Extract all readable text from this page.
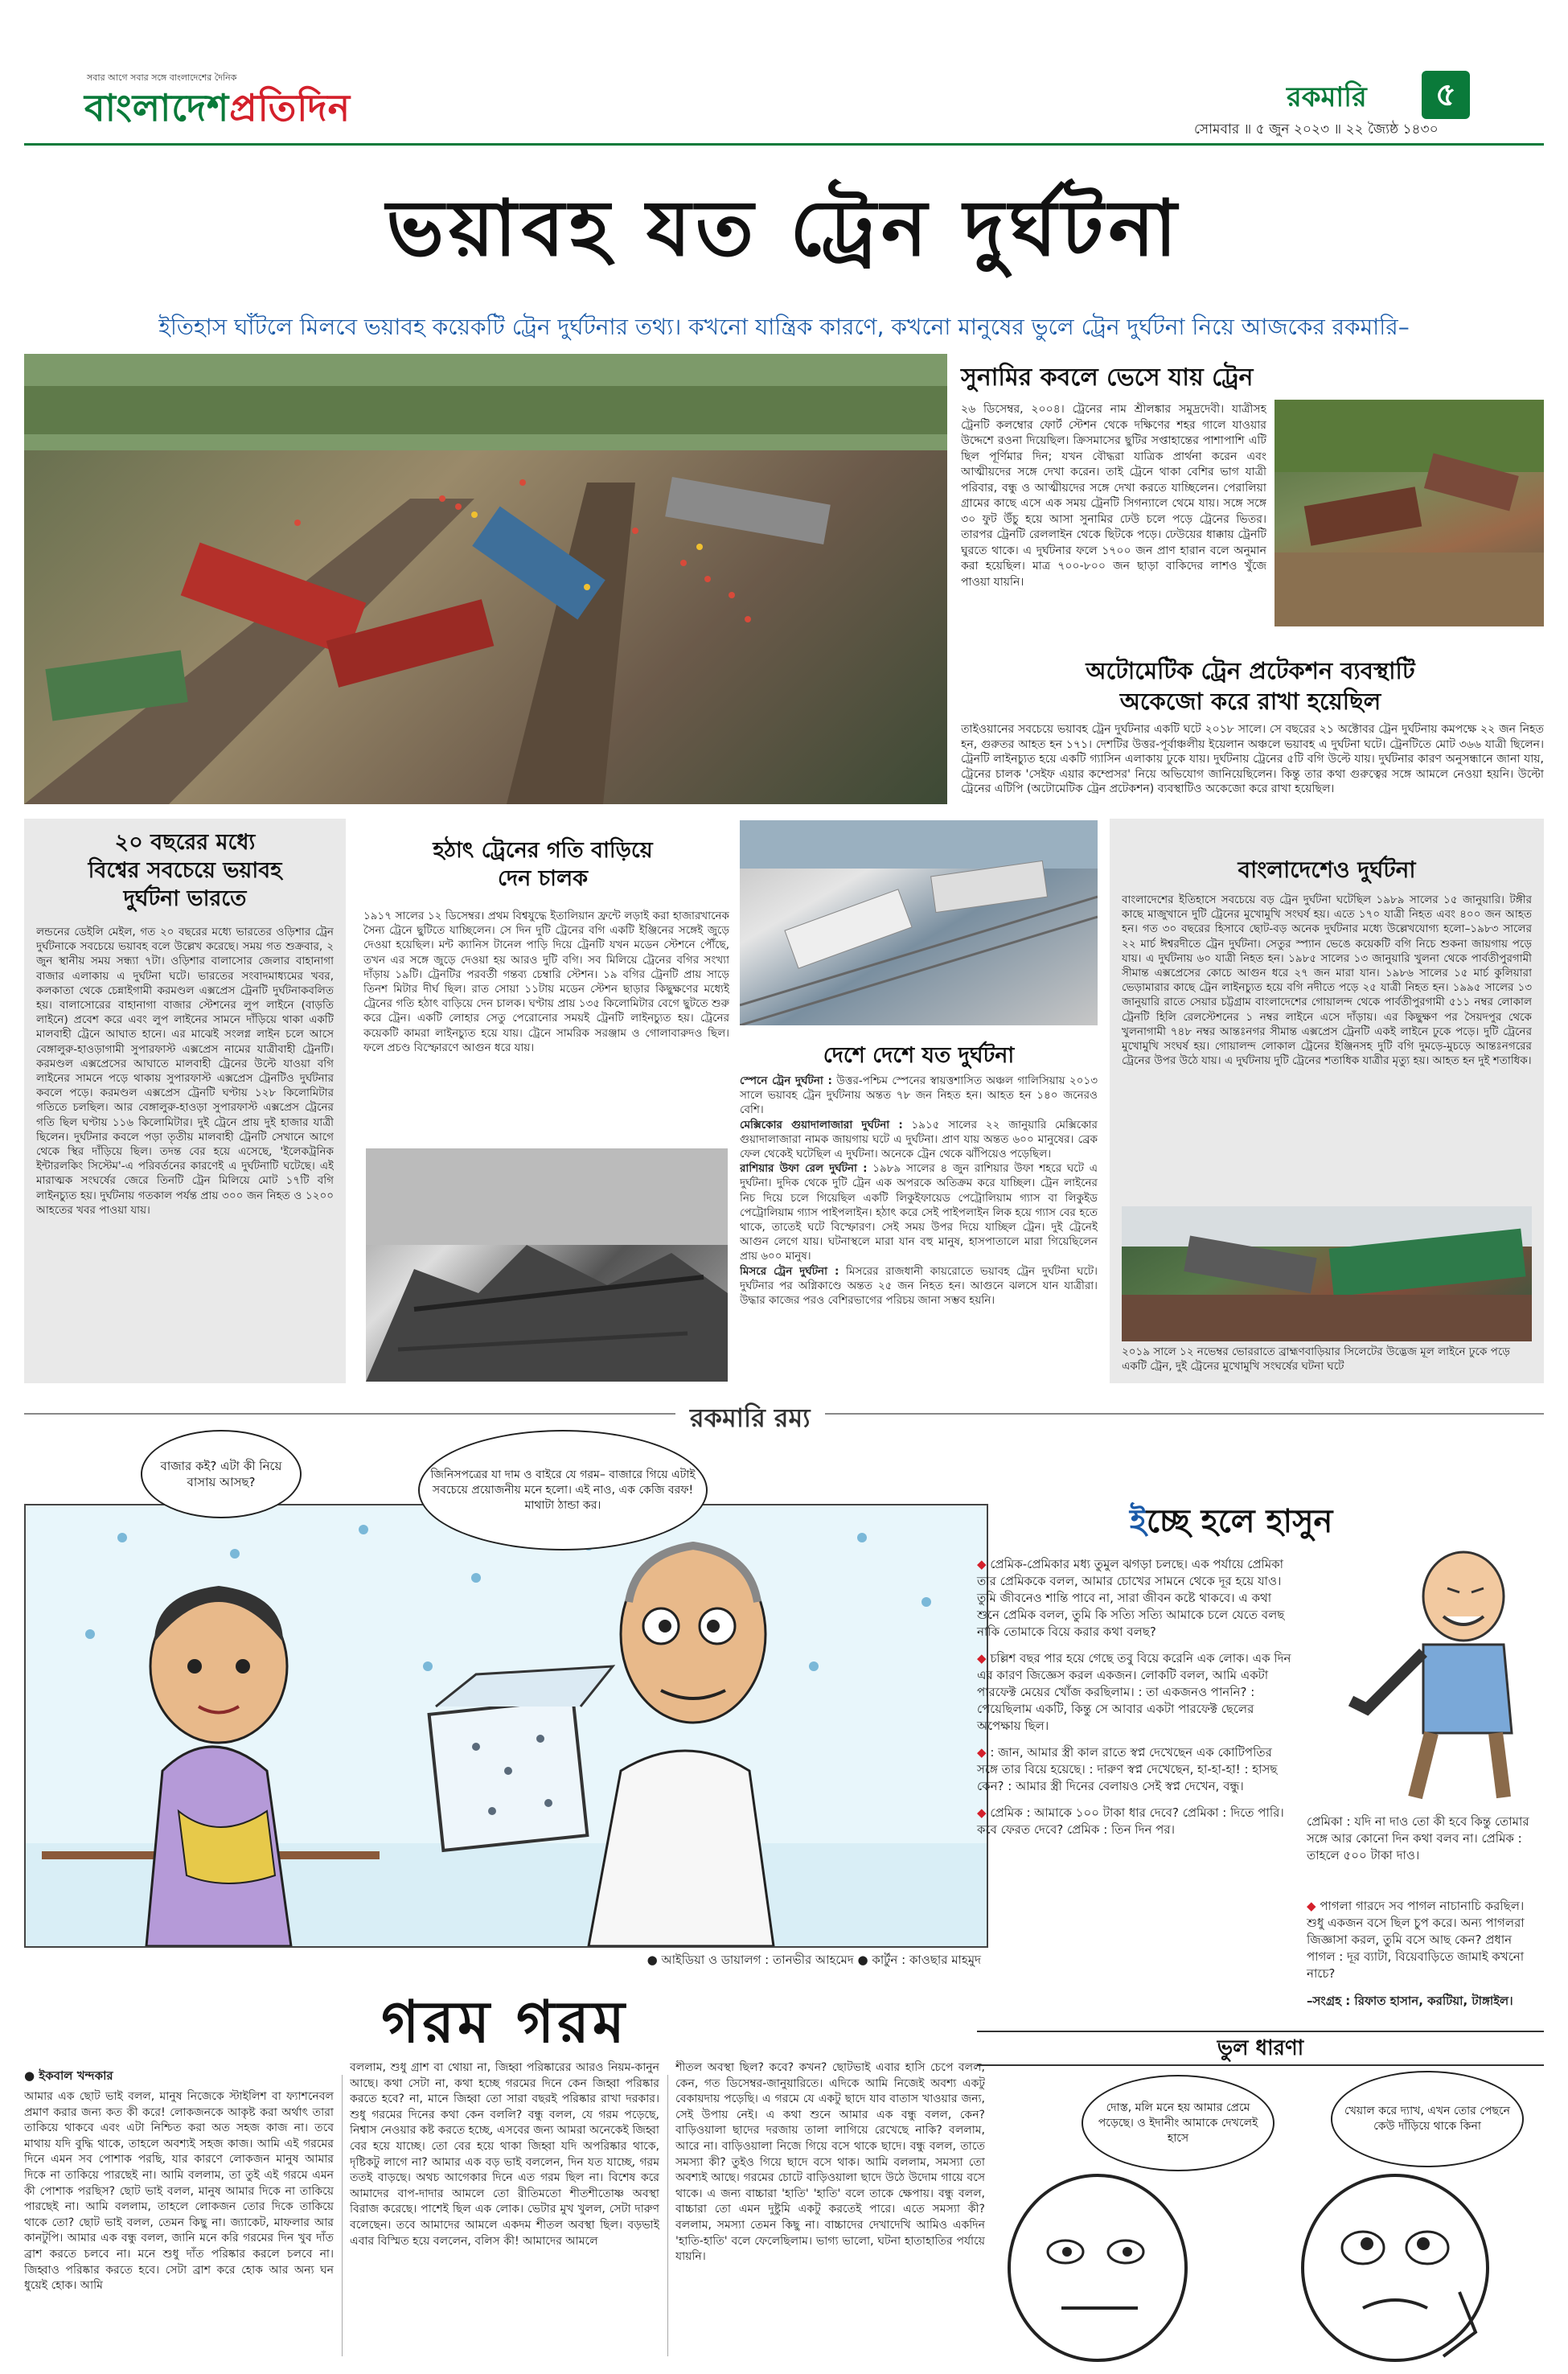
সবার আগে সবার সঙ্গে বাংলাদেশের দৈনিক
বাংলাদেশপ্রতিদিন	রকমারি	৫
সোমবার ॥ ৫ জুন ২০২৩ ॥ ২২ জ্যৈষ্ঠ ১৪৩০
ভয়াবহ যত ট্রেন দুর্ঘটনা
ইতিহাস ঘাঁটলে মিলবে ভয়াবহ কয়েকটি ট্রেন দুর্ঘটনার তথ্য। কখনো যান্ত্রিক কারণে, কখনো মানুষের ভুলে ট্রেন দুর্ঘটনা নিয়ে আজকের রকমারি–
সুনামির কবলে ভেসে যায় ট্রেন
২৬ ডিসেম্বর, ২০০৪। ট্রেনের নাম শ্রীলঙ্কার সমুদ্রদেবী। যাত্রীসহ ট্রেনটি কলম্বোর ফোর্ট স্টেশন থেকে দক্ষিণের শহর গালে যাওয়ার উদ্দেশে রওনা দিয়েছিল। ক্রিসমাসের ছুটির সপ্তাহান্তের পাশাপাশি এটি ছিল পূর্ণিমার দিন; যখন বৌদ্ধরা যাত্রিক প্রার্থনা করেন এবং আত্মীয়দের সঙ্গে দেখা করেন। তাই ট্রেনে থাকা বেশির ভাগ যাত্রী পরিবার, বন্ধু ও আত্মীয়দের সঙ্গে দেখা করতে যাচ্ছিলেন। পেরালিয়া গ্রামের কাছে এসে এক সময় ট্রেনটি সিগন্যালে থেমে যায়। সঙ্গে সঙ্গে ৩০ ফুট উঁচু হয়ে আসা সুনামির ঢেউ চলে পড়ে ট্রেনের ভিতর। তারপর ট্রেনটি রেললাইন থেকে ছিটকে পড়ে। ঢেউয়ের ধাক্কায় ট্রেনটি ঘুরতে থাকে। এ দুর্ঘটনার ফলে ১৭০০ জন প্রাণ হারান বলে অনুমান করা হয়েছিল। মাত্র ৭০০-৮০০ জন ছাড়া বাকিদের লাশও খুঁজে পাওয়া যায়নি।
অটোমেটিক ট্রেন প্রটেকশন ব্যবস্থাটি
অকেজো করে রাখা হয়েছিল
তাইওয়ানের সবচেয়ে ভয়াবহ ট্রেন দুর্ঘটনার একটি ঘটে ২০১৮ সালে। সে বছরের ২১ অক্টোবর ট্রেন দুর্ঘটনায় কমপক্ষে ২২ জন নিহত হন, গুরুতর আহত হন ১৭১। দেশটির উত্তর-পূর্বাঞ্চলীয় ইয়েলান অঞ্চলে ভয়াবহ এ দুর্ঘটনা ঘটে। ট্রেনটিতে মোট ৩৬৬ যাত্রী ছিলেন। ট্রেনটি লাইনচ্যুত হয়ে একটি গ্যাসিন এলাকায় ঢুকে যায়। দুর্ঘটনায় ট্রেনের ৫টি বগি উল্টে যায়। দুর্ঘটনার কারণ অনুসন্ধানে জানা যায়, ট্রেনের চালক 'সেইফ এয়ার কম্প্রেসর' নিয়ে অভিযোগ জানিয়েছিলেন। কিন্তু তার কথা গুরুত্বের সঙ্গে আমলে নেওয়া হয়নি। উল্টো ট্রেনের এটিপি (অটোমেটিক ট্রেন প্রটেকশন) ব্যবস্থাটিও অকেজো করে রাখা হয়েছিল।
২০ বছরের মধ্যে
বিশ্বের সবচেয়ে ভয়াবহ
দুর্ঘটনা ভারতে
লন্ডনের ডেইলি মেইল, গত ২০ বছরের মধ্যে ভারতের ওড়িশার ট্রেন দুর্ঘটনাকে সবচেয়ে ভয়াবহ বলে উল্লেখ করেছে। সময় গত শুক্রবার, ২ জুন স্থানীয় সময় সন্ধ্যা ৭টা। ওড়িশার বালাসোর জেলার বাহানাগা বাজার এলাকায় এ দুর্ঘটনা ঘটে। ভারতের সংবাদমাধ্যমের খবর, কলকাতা থেকে চেন্নাইগামী করমণ্ডল এক্সপ্রেস ট্রেনটি দুর্ঘটনাকবলিত হয়। বালাসোরের বাহানাগা বাজার স্টেশনের লুপ লাইনে (বাড়তি লাইনে) প্রবেশ করে এবং লুপ লাইনের সামনে দাঁড়িয়ে থাকা একটি মালবাহী ট্রেনে আঘাত হানে। এর মাঝেই সংলগ্ন লাইন চলে আসে বেঙ্গালুরু-হাওড়াগামী সুপারফাস্ট এক্সপ্রেস নামের যাত্রীবাহী ট্রেনটি। করমণ্ডল এক্সপ্রেসের আঘাতে মালবাহী ট্রেনের উল্টে যাওয়া বগি লাইনের সামনে পড়ে থাকায় সুপারফাস্ট এক্সপ্রেস ট্রেনটিও দুর্ঘটনার কবলে পড়ে। করমণ্ডল এক্সপ্রেস ট্রেনটি ঘণ্টায় ১২৮ কিলোমিটার গতিতে চলছিল। আর বেঙ্গালুরু-হাওড়া সুপারফাস্ট এক্সপ্রেস ট্রেনের গতি ছিল ঘণ্টায় ১১৬ কিলোমিটার। দুই ট্রেনে প্রায় দুই হাজার যাত্রী ছিলেন। দুর্ঘটনার কবলে পড়া তৃতীয় মালবাহী ট্রেনটি সেখানে আগে থেকে স্থির দাঁড়িয়ে ছিল। তদন্ত বের হয়ে এসেছে, 'ইলেকট্রনিক ইন্টারলকিং সিস্টেম'-এ পরিবর্তনের কারণেই এ দুর্ঘটনাটি ঘটেছে। এই মারাত্মক সংঘর্ষের জেরে তিনটি ট্রেন মিলিয়ে মোট ১৭টি বগি লাইনচ্যুত হয়। দুর্ঘটনায় গতকাল পর্যন্ত প্রায় ৩০০ জন নিহত ও ১২০০ আহতের খবর পাওয়া যায়।
হঠাৎ ট্রেনের গতি বাড়িয়ে
দেন চালক
১৯১৭ সালের ১২ ডিসেম্বর। প্রথম বিশ্বযুদ্ধে ইতালিয়ান ফ্রন্টে লড়াই করা হাজারখানেক সৈন্য ট্রেনে ছুটিতে যাচ্ছিলেন। সে দিন দুটি ট্রেনের বগি একটি ইঞ্জিনের সঙ্গেই জুড়ে দেওয়া হয়েছিল। মন্ট ক্যানিস টানেল পাড়ি দিয়ে ট্রেনটি যখন মডেন স্টেশনে পৌঁছে, তখন এর সঙ্গে জুড়ে দেওয়া হয় আরও দুটি বগি। সব মিলিয়ে ট্রেনের বগির সংখ্যা দাঁড়ায় ১৯টি। ট্রেনটির পরবর্তী গন্তব্য চেম্বারি স্টেশন। ১৯ বগির ট্রেনটি প্রায় সাড়ে তিনশ মিটার দীর্ঘ ছিল। রাত সোয়া ১১টায় মডেন স্টেশন ছাড়ার কিছুক্ষণের মধ্যেই ট্রেনের গতি হঠাৎ বাড়িয়ে দেন চালক। ঘণ্টায় প্রায় ১৩৫ কিলোমিটার বেগে ছুটতে শুরু করে ট্রেন। একটি লোহার সেতু পেরোনোর সময়ই ট্রেনটি লাইনচ্যুত হয়। ট্রেনের কয়েকটি কামরা লাইনচ্যুত হয়ে যায়। ট্রেনে সামরিক সরঞ্জাম ও গোলাবারুদও ছিল। ফলে প্রচণ্ড বিস্ফোরণে আগুন ধরে যায়।	দেশে দেশে যত দুর্ঘটনা

স্পেনে ট্রেন দুর্ঘটনা : উত্তর-পশ্চিম স্পেনের স্বায়ত্তশাসিত অঞ্চল গালিসিয়ায় ২০১৩ সালে ভয়াবহ ট্রেন দুর্ঘটনায় অন্তত ৭৮ জন নিহত হন। আহত হন ১৪০ জনেরও বেশি।

মেক্সিকোর গুয়াদালাজারা দুর্ঘটনা : ১৯১৫ সালের ২২ জানুয়ারি মেক্সিকোর গুয়াদালাজারা নামক জায়গায় ঘটে এ দুর্ঘটনা। প্রাণ যায় অন্তত ৬০০ মানুষের। ব্রেক ফেল থেকেই ঘটেছিল এ দুর্ঘটনা। অনেকে ট্রেন থেকে ঝাঁপিয়েও পড়েছিল।

রাশিয়ার উফা রেল দুর্ঘটনা : ১৯৮৯ সালের ৪ জুন রাশিয়ার উফা শহরে ঘটে এ দুর্ঘটনা। দুদিক থেকে দুটি ট্রেন এক অপরকে অতিক্রম করে যাচ্ছিল। ট্রেন লাইনের নিচ দিয়ে চলে গিয়েছিল একটি লিকুইফায়েড পেট্রোলিয়াম গ্যাস বা লিকুইড পেট্রোলিয়াম গ্যাস পাইপলাইন। হঠাৎ করে সেই পাইপলাইন লিক হয়ে গ্যাস বের হতে থাকে, তাতেই ঘটে বিস্ফোরণ। সেই সময় উপর দিয়ে যাচ্ছিল ট্রেন। দুই ট্রেনেই আগুন লেগে যায়। ঘটনাস্থলে মারা যান বহু মানুষ, হাসপাতালে মারা গিয়েছিলেন প্রায় ৬০০ মানুষ।

মিসরে ট্রেন দুর্ঘটনা : মিসরের রাজধানী কায়রোতে ভয়াবহ ট্রেন দুর্ঘটনা ঘটে। দুর্ঘটনার পর অগ্নিকাণ্ডে অন্তত ২৫ জন নিহত হন। আগুনে ঝলসে যান যাত্রীরা। উদ্ধার কাজের পরও বেশিরভাগের পরিচয় জানা সম্ভব হয়নি।

বাংলাদেশেও দুর্ঘটনা
বাংলাদেশের ইতিহাসে সবচেয়ে বড় ট্রেন দুর্ঘটনা ঘটেছিল ১৯৮৯ সালের ১৫ জানুয়ারি। টঙ্গীর কাছে মাজুখানে দুটি ট্রেনের মুখোমুখি সংঘর্ষ হয়। এতে ১৭০ যাত্রী নিহত এবং ৪০০ জন আহত হন। গত ৩০ বছরের হিসাবে ছোট-বড় অনেক দুর্ঘটনার মধ্যে উল্লেখযোগ্য হলো–১৯৮৩ সালের ২২ মার্চ ঈশ্বরদীতে ট্রেন দুর্ঘটনা। সেতুর স্প্যান ভেঙে কয়েকটি বগি নিচে শুকনা জায়গায় পড়ে যায়। এ দুর্ঘটনায় ৬০ যাত্রী নিহত হন। ১৯৮৫ সালের ১৩ জানুয়ারি খুলনা থেকে পার্বতীপুরগামী সীমান্ত এক্সপ্রেসের কোচে আগুন ধরে ২৭ জন মারা যান। ১৯৮৬ সালের ১৫ মার্চ কুলিয়ারা ভেড়ামারার কাছে ট্রেন লাইনচ্যুত হয়ে বগি নদীতে পড়ে ২৫ যাত্রী নিহত হন। ১৯৯৫ সালের ১৩ জানুয়ারি রাতে সেয়ার চট্টগ্রাম বাংলাদেশের গোয়ালন্দ থেকে পার্বতীপুরগামী ৫১১ নম্বর লোকাল ট্রেনটি হিলি রেলস্টেশনের ১ নম্বর লাইনে এসে দাঁড়ায়। এর কিছুক্ষণ পর সৈয়দপুর থেকে খুলনাগামী ৭৪৮ নম্বর আন্তঃনগর সীমান্ত এক্সপ্রেস ট্রেনটি একই লাইনে ঢুকে পড়ে। দুটি ট্রেনের মুখোমুখি সংঘর্ষ হয়। গোয়ালন্দ লোকাল ট্রেনের ইঞ্জিনসহ দুটি বগি দুমড়ে-মুচড়ে আন্তঃনগরের ট্রেনের উপর উঠে যায়। এ দুর্ঘটনায় দুটি ট্রেনের শতাধিক যাত্রীর মৃত্যু হয়। আহত হন দুই শতাধিক।
২০১৯ সালে ১২ নভেম্বর ভোররাতে ব্রাহ্মণবাড়িয়ার সিলেটের উদ্ভেজ মূল লাইনে ঢুকে পড়ে একটি ট্রেন, দুই ট্রেনের মুখোমুখি সংঘর্ষের ঘটনা ঘটে
রকমারি রম্য
বাজার কই? এটা কী নিয়ে বাসায় আসছ?
জিনিসপত্রের যা দাম ও বাইরে যে গরম– বাজারে গিয়ে এটাই সবচেয়ে প্রয়োজনীয় মনে হলো। এই নাও, এক কেজি বরফ! মাথাটা ঠান্ডা কর।
● আইডিয়া ও ডায়ালগ : তানভীর আহমেদ ● কার্টুন : কাওছার মাহমুদ
গরম গরম
● ইকবাল খন্দকার
আমার এক ছোট ভাই বলল, মানুষ নিজেকে স্টাইলিশ বা ফ্যাশনেবল প্রমাণ করার জন্য কত কী করে! লোকজনকে আকৃষ্ট করা অর্থাৎ তারা তাকিয়ে থাকবে এবং এটা নিশ্চিত করা অত সহজ কাজ না। তবে মাথায় যদি বুদ্ধি থাকে, তাহলে অবশ্যই সহজ কাজ। আমি এই গরমের দিনে এমন সব পোশাক পরছি, যার কারণে লোকজন মানুষ আমার দিকে না তাকিয়ে পারছেই না। আমি বললাম, তা তুই এই গরমে এমন কী পোশাক পরছিস? ছোট ভাই বলল, মানুষ আমার দিকে না তাকিয়ে পারছেই না। আমি বললাম, তাহলে লোকজন তোর দিকে তাকিয়ে থাকে তো? ছোট ভাই বলল, তেমন কিছু না। জ্যাকেট, মাফলার আর কানটুপি। আমার এক বন্ধু বলল, জানি মনে করি গরমের দিন খুব দাঁত ব্রাশ করতে চলবে না। মনে শুধু দাঁত পরিষ্কার করলে চলবে না। জিহ্বাও পরিষ্কার করতে হবে। সেটা ব্রাশ করে হোক আর অন্য ঘন ধুয়েই হোক। আমি
বললাম, শুধু গ্রাশ বা থোয়া না, জিহ্বা পরিষ্কারের আরও নিয়ম-কানুন আছে। কথা সেটা না, কথা হচ্ছে গরমের দিনে কেন জিহ্বা পরিষ্কার করতে হবে? না, মানে জিহ্বা তো সারা বছরই পরিষ্কার রাখা দরকার। শুধু গরমের দিনের কথা কেন বললি? বন্ধু বলল, যে গরম পড়েছে, নিশ্বাস নেওয়ার কষ্ট করতে হচ্ছে, এসবের জন্য আমরা অনেকেই জিহ্বা বের হয়ে যাচ্ছে। তো বের হয়ে থাকা জিহ্বা যদি অপরিষ্কার থাকে, দৃষ্টিকটু লাগে না? আমার এক বড় ভাই বললেন, দিন যত যাচ্ছে, গরম ততই বাড়ছে। অথচ আগেকার দিনে এত গরম ছিল না। বিশেষ করে আমাদের বাপ-দাদার আমলে তো রীতিমতো শীতশীতোষ্ণ অবস্থা বিরাজ করেছে। পাশেই ছিল এক লোক। ভেটার মুখ খুলল, সেটা দারুণ বলেছেন। তবে আমাদের আমলে একদম শীতল অবস্থা ছিল। বড়ভাই এবার বিস্মিত হয়ে বললেন, বলিস কী! আমাদের আমলে
শীতল অবস্থা ছিল? কবে? কখন? ছোটভাই এবার হাসি চেপে বলল, কেন, গত ডিসেম্বর-জানুয়ারিতে। এদিকে আমি নিজেই অবশ্য একটু বেকায়দায় পড়েছি। এ গরমে যে একটু ছাদে যাব বাতাস খাওয়ার জন্য, সেই উপায় নেই। এ কথা শুনে আমার এক বন্ধু বলল, কেন? বাড়িওয়ালা ছাদের দরজায় তালা লাগিয়ে রেখেছে নাকি? বললাম, আরে না। বাড়িওয়ালা নিজে গিয়ে বসে থাকে ছাদে। বন্ধু বলল, তাতে সমস্যা কী? তুইও গিয়ে ছাদে বসে থাক। আমি বললাম, সমস্যা তো অবশ্যই আছে। গরমের চোটে বাড়িওয়ালা ছাদে উঠে উদোম গায়ে বসে থাকে। এ জন্য বাচ্চারা 'হাতি' 'হাতি' বলে তাকে ক্ষেপায়। বন্ধু বলল, বাচ্চারা তো এমন দুষ্টুমি একটু করতেই পারে। এতে সমস্যা কী? বললাম, সমস্যা তেমন কিছু না। বাচ্চাদের দেখাদেখি আমিও একদিন 'হাতি-হাতি' বলে ফেলেছিলাম। ভাগ্য ভালো, ঘটনা হাতাহাতির পর্যায়ে যায়নি।
ইচ্ছে হলে হাসুন

◆ প্রেমিক-প্রেমিকার মধ্য তুমুল ঝগড়া চলছে। এক পর্যায়ে প্রেমিকা তার প্রেমিককে বলল, আমার চোখের সামনে থেকে দূর হয়ে যাও। তুমি জীবনেও শান্তি পাবে না, সারা জীবন কষ্টে থাকবে। এ কথা শুনে প্রেমিক বলল, তুমি কি সত্যি সত্যি আমাকে চলে যেতে বলছ নাকি তোমাকে বিয়ে করার কথা বলছ?

◆ চল্লিশ বছর পার হয়ে গেছে তবু বিয়ে করেনি এক লোক। এক দিন এর কারণ জিজ্ঞেস করল একজন। লোকটি বলল, আমি একটা পারফেক্ট মেয়ের খোঁজ করছিলাম। : তা একজনও পাননি? : পেয়েছিলাম একটি, কিন্তু সে আবার একটা পারফেক্ট ছেলের অপেক্ষায় ছিল।

◆ : জান, আমার স্ত্রী কাল রাতে স্বপ্ন দেখেছেন এক কোটিপতির সঙ্গে তার বিয়ে হয়েছে। : দারুণ স্বপ্ন দেখেছেন, হা-হা-হা! : হাসছ কেন? : আমার স্ত্রী দিনের বেলায়ও সেই স্বপ্ন দেখেন, বন্ধু।

◆ প্রেমিক : আমাকে ১০০ টাকা ধার দেবে? প্রেমিকা : দিতে পারি। কবে ফেরত দেবে? প্রেমিক : তিন দিন পর।

প্রেমিকা : যদি না দাও তো কী হবে কিন্তু তোমার সঙ্গে আর কোনো দিন কথা বলব না। প্রেমিক : তাহলে ৫০০ টাকা দাও।
◆ পাগলা গারদে সব পাগল নাচানাচি করছিল। শুধু একজন বসে ছিল চুপ করে। অন্য পাগলরা জিজ্ঞাসা করল, তুমি বসে আছ কেন? প্রধান পাগল : দূর ব্যাটা, বিয়েবাড়িতে জামাই কখনো নাচে?
–সংগ্রহ : রিফাত হাসান, করটিয়া, টাঙ্গাইল।
ভুল ধারণা
দোস্ত, মলি মনে হয় আমার প্রেমে পড়েছে। ও ইদানীং আমাকে দেখলেই হাসে
খেয়াল করে দ্যাখ, এখন তোর পেছনে কেউ দাঁড়িয়ে থাকে কিনা
